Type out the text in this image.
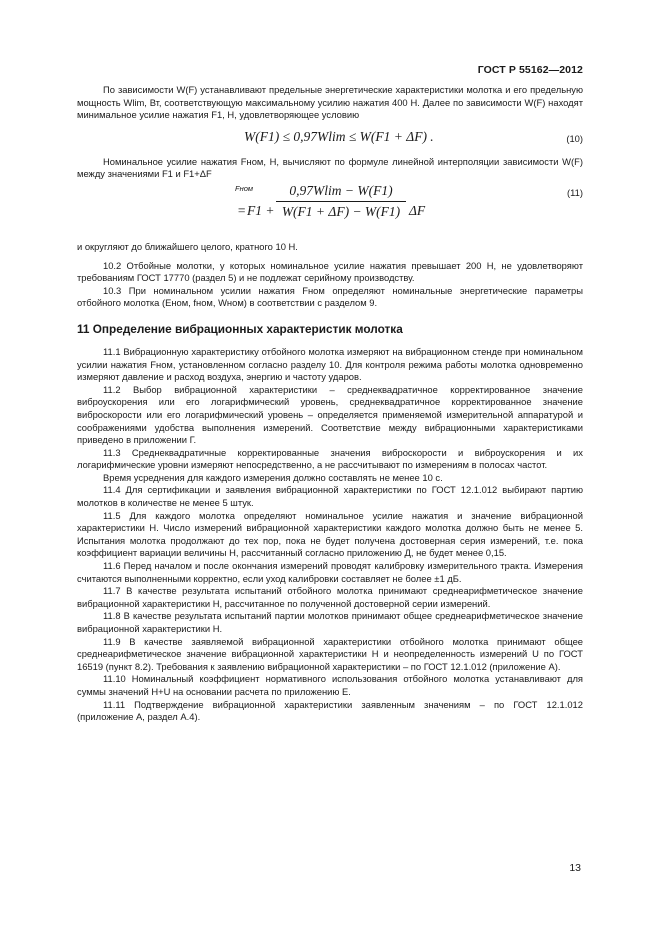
ГОСТ Р 55162—2012

По зависимости W(F) устанавливают предельные энергетические характеристики молотка и его предельную мощность Wlim, Вт, соответствующую максимальному усилию нажатия 400 Н. Далее по зависимости W(F) находят минимальное усилие нажатия F1, Н, удовлетворяющее условию

W(F1) ≤ 0,97Wlim ≤ W(F1 + ΔF) .	(10)

Номинальное усилие нажатия Fном, Н, вычисляют по формуле линейной интерполяции зависимости W(F) между значениями F1 и F1+ΔF

Fном
= $F1 + \frac{0,97Wlim - W(F1)}{W(F1 + \Delta F) - W(F1)}$ ΔF
(11)

и округляют до ближайшего целого, кратного 10 Н.

10.2 Отбойные молотки, у которых номинальное усилие нажатия превышает 200 Н, не удовлетворяют требованиям ГОСТ 17770 (раздел 5) и не подлежат серийному производству.

10.3 При номинальном усилии нажатия Fном определяют номинальные энергетические параметры отбойного молотка (Eном, fном, Wном) в соответствии с разделом 9.

11 Определение вибрационных характеристик молотка

11.1 Вибрационную характеристику отбойного молотка измеряют на вибрационном стенде при номинальном усилии нажатия Fном, установленном согласно разделу 10. Для контроля режима работы молотка одновременно измеряют давление и расход воздуха, энергию и частоту ударов.

11.2 Выбор вибрационной характеристики – среднеквадратичное корректированное значение виброускорения или его логарифмический уровень, среднеквадратичное корректированное значение виброскорости или его логарифмический уровень – определяется применяемой измерительной аппаратурой и соображениями удобства выполнения измерений. Соответствие между вибрационными характеристиками приведено в приложении Г.

11.3 Среднеквадратичные корректированные значения виброскорости и виброускорения и их логарифмические уровни измеряют непосредственно, а не рассчитывают по измерениям в полосах частот.

Время усреднения для каждого измерения должно составлять не менее 10 с.

11.4 Для сертификации и заявления вибрационной характеристики по ГОСТ 12.1.012 выбирают партию молотков в количестве не менее 5 штук.

11.5 Для каждого молотка определяют номинальное усилие нажатия и значение вибрационной характеристики H. Число измерений вибрационной характеристики каждого молотка должно быть не менее 5. Испытания молотка продолжают до тех пор, пока не будет получена достоверная серия измерений, т.е. пока коэффициент вариации величины H, рассчитанный согласно приложению Д, не будет менее 0,15.

11.6 Перед началом и после окончания измерений проводят калибровку измерительного тракта. Измерения считаются выполненными корректно, если уход калибровки составляет не более ±1 дБ.

11.7 В качестве результата испытаний отбойного молотка принимают среднеарифметическое значение вибрационной характеристики H, рассчитанное по полученной достоверной серии измерений.

11.8 В качестве результата испытаний партии молотков принимают общее среднеарифметическое значение вибрационной характеристики H.

11.9 В качестве заявляемой вибрационной характеристики отбойного молотка принимают общее среднеарифметическое значение вибрационной характеристики H и неопределенность измерений U по ГОСТ 16519 (пункт 8.2). Требования к заявлению вибрационной характеристики – по ГОСТ 12.1.012 (приложение А).

11.10 Номинальный коэффициент нормативного использования отбойного молотка устанавливают для суммы значений H+U на основании расчета по приложению Е.

11.11 Подтверждение вибрационной характеристики заявленным значениям – по ГОСТ 12.1.012 (приложение А, раздел А.4).

13
